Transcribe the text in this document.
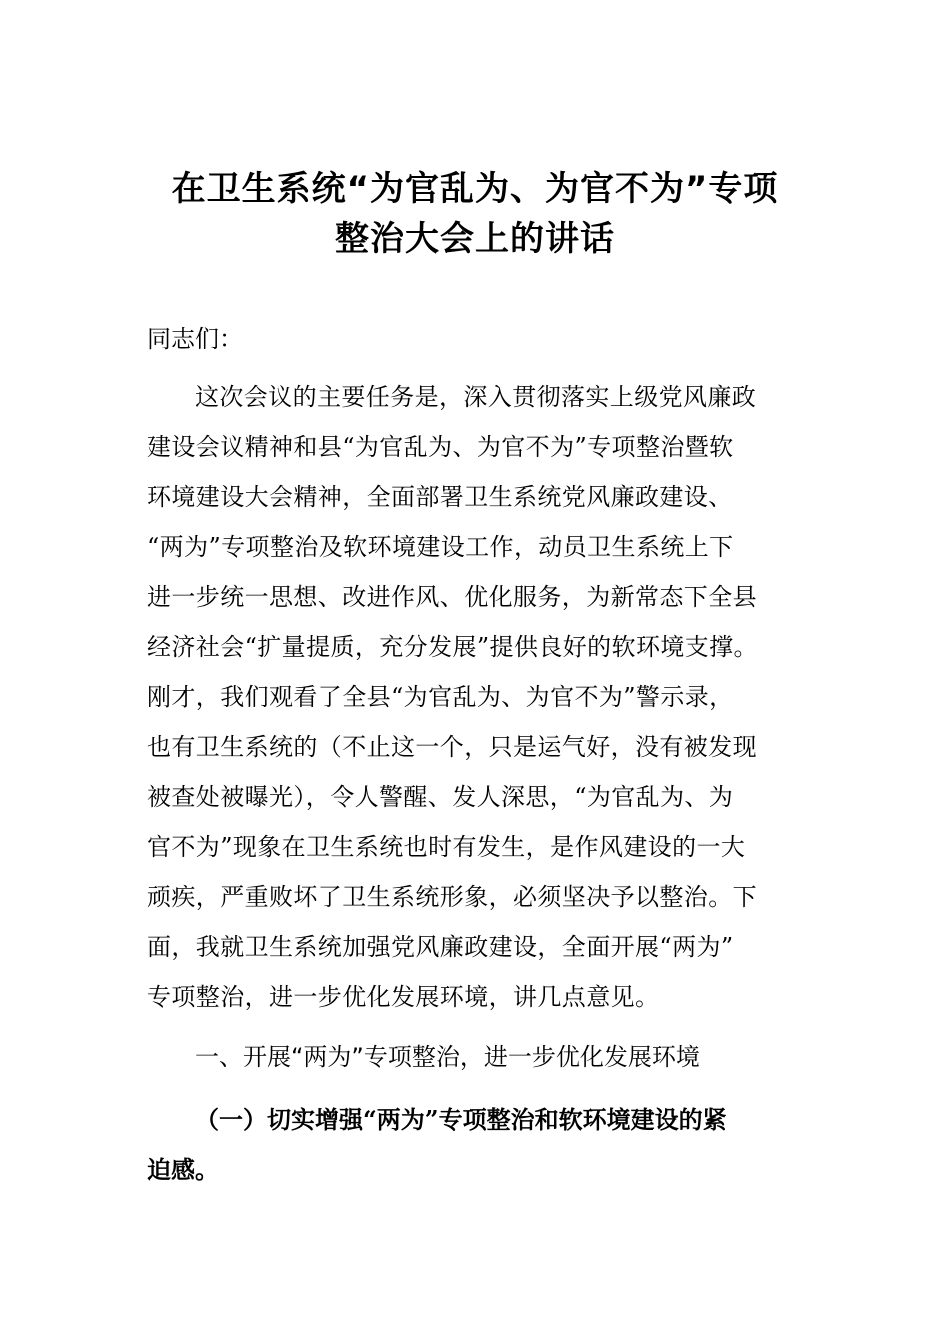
在卫生系统“为官乱为、为官不为”专项
整治大会上的讲话
同志们：
这次会议的主要任务是，深入贯彻落实上级党风廉政
建设会议精神和县“为官乱为、为官不为”专项整治暨软
环境建设大会精神，全面部署卫生系统党风廉政建设、
“两为”专项整治及软环境建设工作，动员卫生系统上下
进一步统一思想、改进作风、优化服务，为新常态下全县
经济社会“扩量提质，充分发展”提供良好的软环境支撑。
刚才，我们观看了全县“为官乱为、为官不为”警示录，
也有卫生系统的（不止这一个，只是运气好，没有被发现
被查处被曝光），令人警醒、发人深思，“为官乱为、为
官不为”现象在卫生系统也时有发生，是作风建设的一大
顽疾，严重败坏了卫生系统形象，必须坚决予以整治。下
面，我就卫生系统加强党风廉政建设，全面开展“两为”
专项整治，进一步优化发展环境，讲几点意见。
一、开展“两为”专项整治，进一步优化发展环境
（一）切实增强“两为”专项整治和软环境建设的紧
迫感。
